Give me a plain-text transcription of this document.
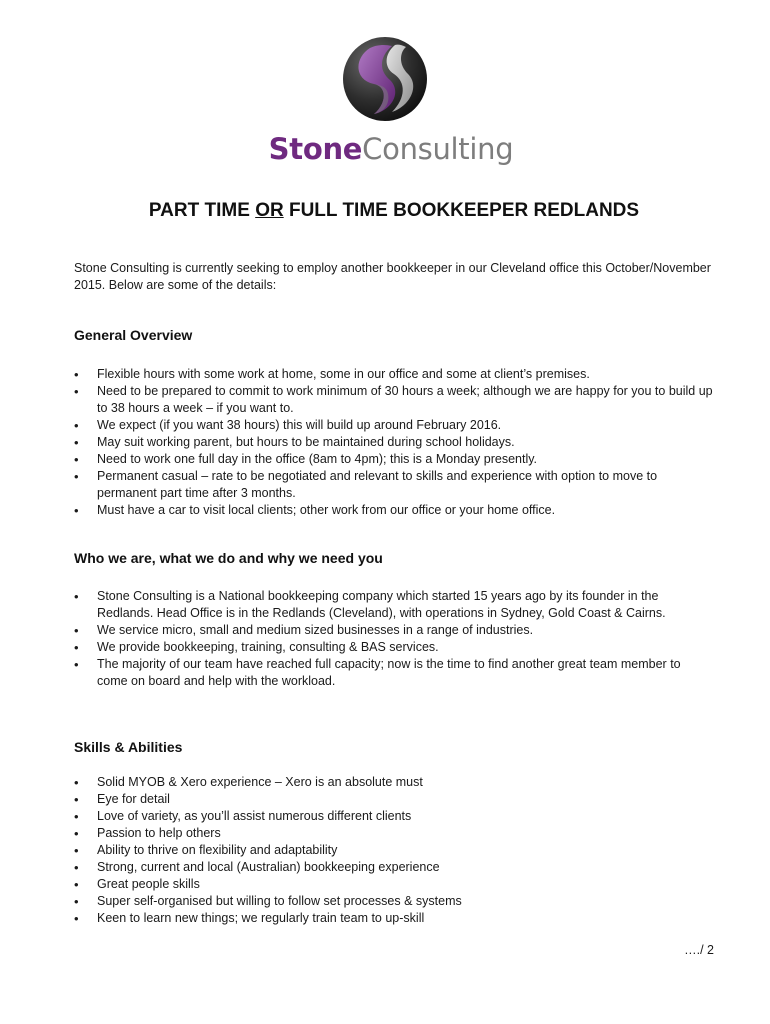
StoneConsulting
PART TIME OR FULL TIME BOOKKEEPER REDLANDS
Stone Consulting is currently seeking to employ another bookkeeper in our Cleveland office this October/November 2015. Below are some of the details:
General Overview
• Flexible hours with some work at home, some in our office and some at client’s premises.
• Need to be prepared to commit to work minimum of 30 hours a week; although we are happy for you to build up to 38 hours a week – if you want to.
• We expect (if you want 38 hours) this will build up around February 2016.
• May suit working parent, but hours to be maintained during school holidays.
• Need to work one full day in the office (8am to 4pm); this is a Monday presently.
• Permanent casual – rate to be negotiated and relevant to skills and experience with option to move to permanent part time after 3 months.
• Must have a car to visit local clients; other work from our office or your home office.
Who we are, what we do and why we need you
• Stone Consulting is a National bookkeeping company which started 15 years ago by its founder in the Redlands. Head Office is in the Redlands (Cleveland), with operations in Sydney, Gold Coast & Cairns.
• We service micro, small and medium sized businesses in a range of industries.
• We provide bookkeeping, training, consulting & BAS services.
• The majority of our team have reached full capacity; now is the time to find another great team member to come on board and help with the workload.
Skills & Abilities
• Solid MYOB & Xero experience – Xero is an absolute must
• Eye for detail
• Love of variety, as you’ll assist numerous different clients
• Passion to help others
• Ability to thrive on flexibility and adaptability
• Strong, current and local (Australian) bookkeeping experience
• Great people skills
• Super self-organised but willing to follow set processes & systems
• Keen to learn new things; we regularly train team to up-skill
…./ 2
